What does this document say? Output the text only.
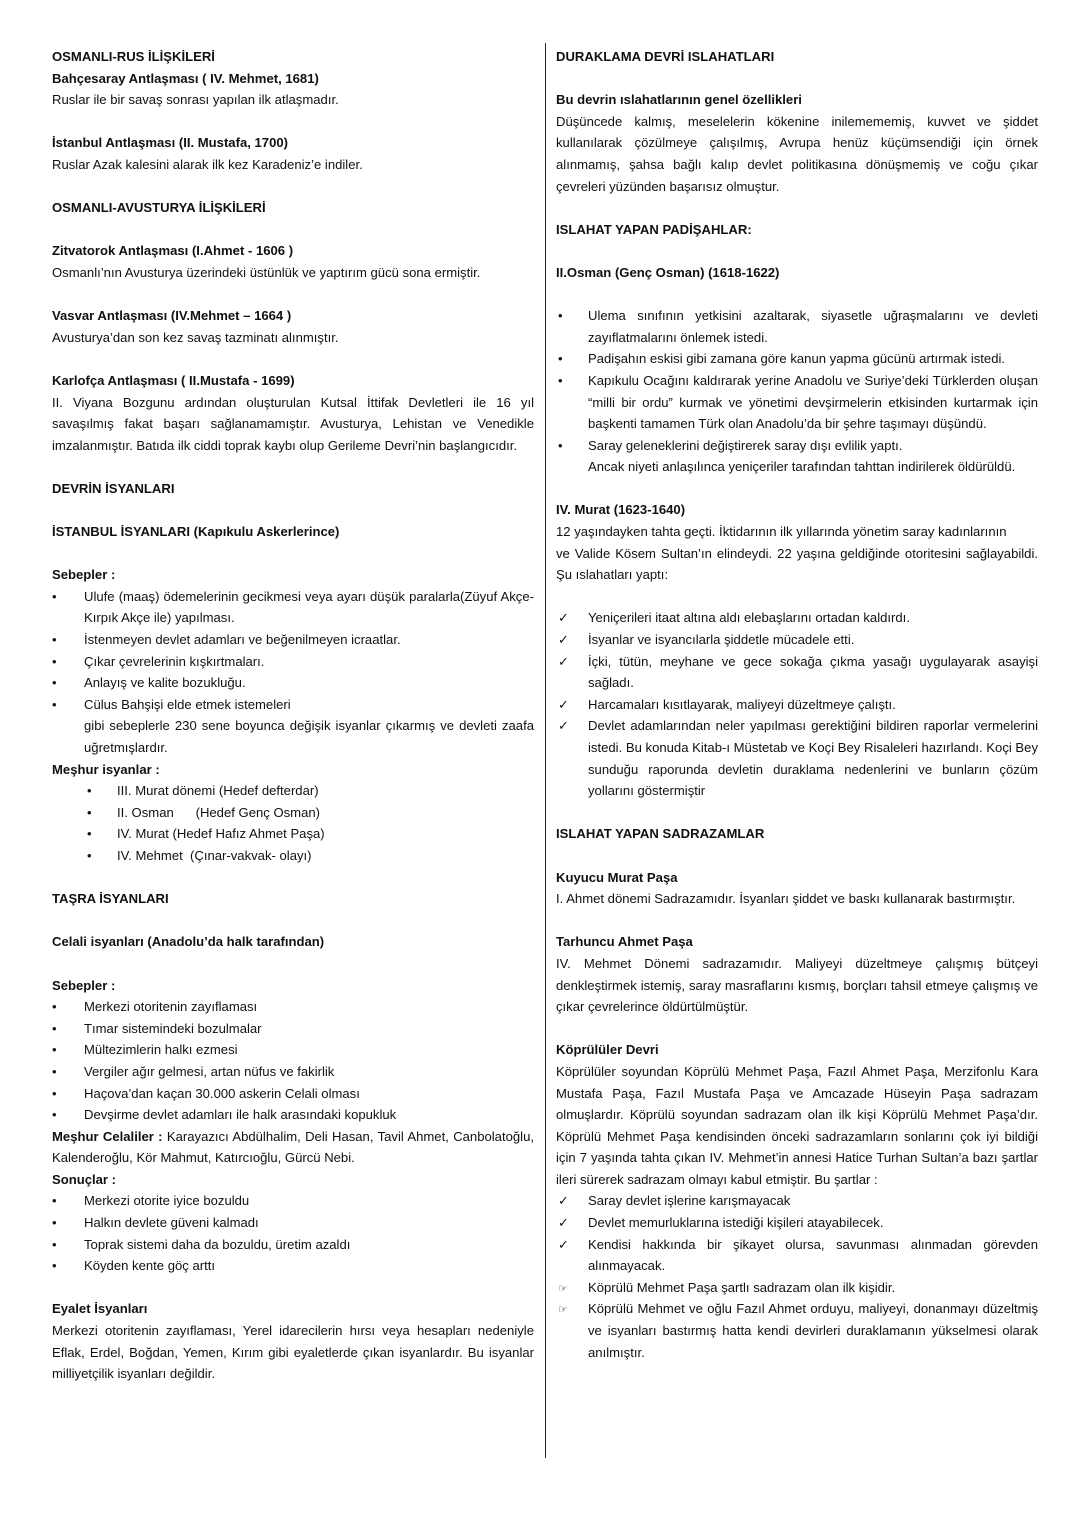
OSMANLI-RUS İLİŞKİLERİ
Bahçesaray Antlaşması ( IV. Mehmet, 1681)
Ruslar ile bir savaş sonrası yapılan ilk atlaşmadır.
İstanbul Antlaşması (II. Mustafa, 1700)
Ruslar Azak kalesini alarak ilk kez Karadeniz’e indiler.
OSMANLI-AVUSTURYA İLİŞKİLERİ
Zitvatorok Antlaşması (I.Ahmet - 1606 )
Osmanlı’nın Avusturya üzerindeki üstünlük ve yaptırım gücü sona ermiştir.
Vasvar Antlaşması (IV.Mehmet – 1664 )
Avusturya’dan son kez savaş tazminatı alınmıştır.
Karlofça Antlaşması ( II.Mustafa - 1699)
II. Viyana Bozgunu ardından oluşturulan Kutsal İttifak Devletleri ile 16 yıl savaşılmış fakat başarı sağlanamamıştır. Avusturya, Lehistan ve Venedikle imzalanmıştır. Batıda ilk ciddi toprak kaybı olup Gerileme Devri’nin başlangıcıdır.
DEVRİN İSYANLARI
İSTANBUL İSYANLARI (Kapıkulu Askerlerince)
Sebepler :
•
Ulufe (maaş) ödemelerinin gecikmesi veya ayarı düşük paralarla(Züyuf Akçe- Kırpık Akçe ile) yapılması.
•
İstenmeyen devlet adamları ve beğenilmeyen icraatlar.
•
Çıkar çevrelerinin kışkırtmaları.
•
Anlayış ve kalite bozukluğu.
•
Cülus Bahşişi elde etmek istemeleri
gibi sebeplerle 230 sene boyunca değişik isyanlar çıkarmış ve devleti zaafa uğretmışlardır.
Meşhur isyanlar :
•
III. Murat dönemi (Hedef defterdar)
•
II. Osman      (Hedef Genç Osman)
•
IV. Murat (Hedef Hafız Ahmet Paşa)
•
IV. Mehmet  (Çınar-vakvak- olayı)
TAŞRA İSYANLARI
Celali isyanları (Anadolu’da halk tarafından)
Sebepler :
•
Merkezi otoritenin zayıflaması
•
Tımar sistemindeki bozulmalar
•
Mültezimlerin halkı ezmesi
•
Vergiler ağır gelmesi, artan nüfus ve fakirlik
•
Haçova’dan kaçan 30.000 askerin Celali olması
•
Devşirme devlet adamları ile halk arasındaki kopukluk
Meşhur Celaliler : Karayazıcı Abdülhalim, Deli Hasan, Tavil Ahmet, Canbolatoğlu, Kalenderoğlu, Kör Mahmut, Katırcıoğlu, Gürcü Nebi.
Sonuçlar :
•
Merkezi otorite iyice bozuldu
•
Halkın devlete güveni kalmadı
•
Toprak sistemi daha da bozuldu, üretim azaldı
•
Köyden kente göç arttı
Eyalet İsyanları
Merkezi otoritenin zayıflaması, Yerel idarecilerin hırsı veya hesapları nedeniyle Eflak, Erdel, Boğdan, Yemen, Kırım gibi eyaletlerde çıkan isyanlardır. Bu isyanlar milliyetçilik isyanları değildir.
DURAKLAMA DEVRİ ISLAHATLARI
Bu devrin ıslahatlarının genel özellikleri
Düşüncede kalmış, meselelerin kökenine inilemememiş, kuvvet ve şiddet kullanılarak çözülmeye çalışılmış, Avrupa henüz küçümsendiği için örnek alınmamış, şahsa bağlı kalıp devlet politikasına dönüşmemiş ve coğu çıkar çevreleri yüzünden başarısız olmuştur.
ISLAHAT YAPAN PADİŞAHLAR:
II.Osman (Genç Osman) (1618-1622)
•
Ulema sınıfının yetkisini azaltarak, siyasetle uğraşmalarını ve devleti zayıflatmalarını önlemek istedi.
•
Padişahın eskisi gibi zamana göre kanun yapma gücünü artırmak istedi.
•
Kapıkulu Ocağını kaldırarak yerine Anadolu ve Suriye’deki Türklerden oluşan “milli bir ordu” kurmak ve yönetimi devşirmelerin etkisinden kurtarmak için başkenti tamamen Türk olan Anadolu’da bir şehre taşımayı düşündü.
•
Saray geleneklerini değiştirerek saray dışı evlilik yaptı.
Ancak niyeti anlaşılınca yeniçeriler tarafından tahttan indirilerek öldürüldü.
IV. Murat (1623-1640)
12 yaşındayken tahta geçti. İktidarının ilk yıllarında yönetim saray kadınlarının
ve Valide Kösem Sultan’ın elindeydi. 22 yaşına geldiğinde otoritesini sağlayabildi. Şu ıslahatları yaptı:
✓
Yeniçerileri itaat altına aldı elebaşlarını ortadan kaldırdı.
✓
İsyanlar ve isyancılarla şiddetle mücadele etti.
✓
İçki, tütün, meyhane ve gece sokağa çıkma yasağı uygulayarak asayişi sağladı.
✓
Harcamaları kısıtlayarak, maliyeyi düzeltmeye çalıştı.
✓
Devlet adamlarından neler yapılması gerektiğini bildiren raporlar vermelerini istedi. Bu konuda Kitab-ı Müstetab ve Koçi Bey Risaleleri hazırlandı. Koçi Bey sunduğu raporunda devletin duraklama nedenlerini ve bunların çözüm yollarını göstermiştir
ISLAHAT YAPAN SADRAZAMLAR
Kuyucu Murat Paşa
I. Ahmet dönemi Sadrazamıdır. İsyanları şiddet ve baskı kullanarak bastırmıştır.
Tarhuncu Ahmet Paşa
IV. Mehmet Dönemi sadrazamıdır. Maliyeyi düzeltmeye çalışmış bütçeyi denkleştirmek istemiş, saray masraflarını kısmış, borçları tahsil etmeye çalışmış ve çıkar çevrelerince öldürtülmüştür.
Köprülüler Devri
Köprülüler soyundan Köprülü Mehmet Paşa, Fazıl Ahmet Paşa, Merzifonlu Kara Mustafa Paşa, Fazıl Mustafa Paşa ve Amcazade Hüseyin Paşa sadrazam olmuşlardır. Köprülü soyundan sadrazam olan ilk kişi Köprülü Mehmet Paşa’dır. Köprülü Mehmet Paşa kendisinden önceki sadrazamların sonlarını çok iyi bildiği için 7 yaşında tahta çıkan IV. Mehmet’in annesi Hatice Turhan Sultan’a bazı şartlar ileri sürerek sadrazam olmayı kabul etmiştir. Bu şartlar :
✓
Saray devlet işlerine karışmayacak
✓
Devlet memurluklarına istediği kişileri atayabilecek.
✓
Kendisi hakkında bir şikayet olursa, savunması alınmadan görevden alınmayacak.
☞
Köprülü Mehmet Paşa şartlı sadrazam olan ilk kişidir.
☞
Köprülü Mehmet ve oğlu Fazıl Ahmet orduyu, maliyeyi, donanmayı düzeltmiş ve isyanları bastırmış hatta kendi devirleri duraklamanın yükselmesi olarak anılmıştır.
